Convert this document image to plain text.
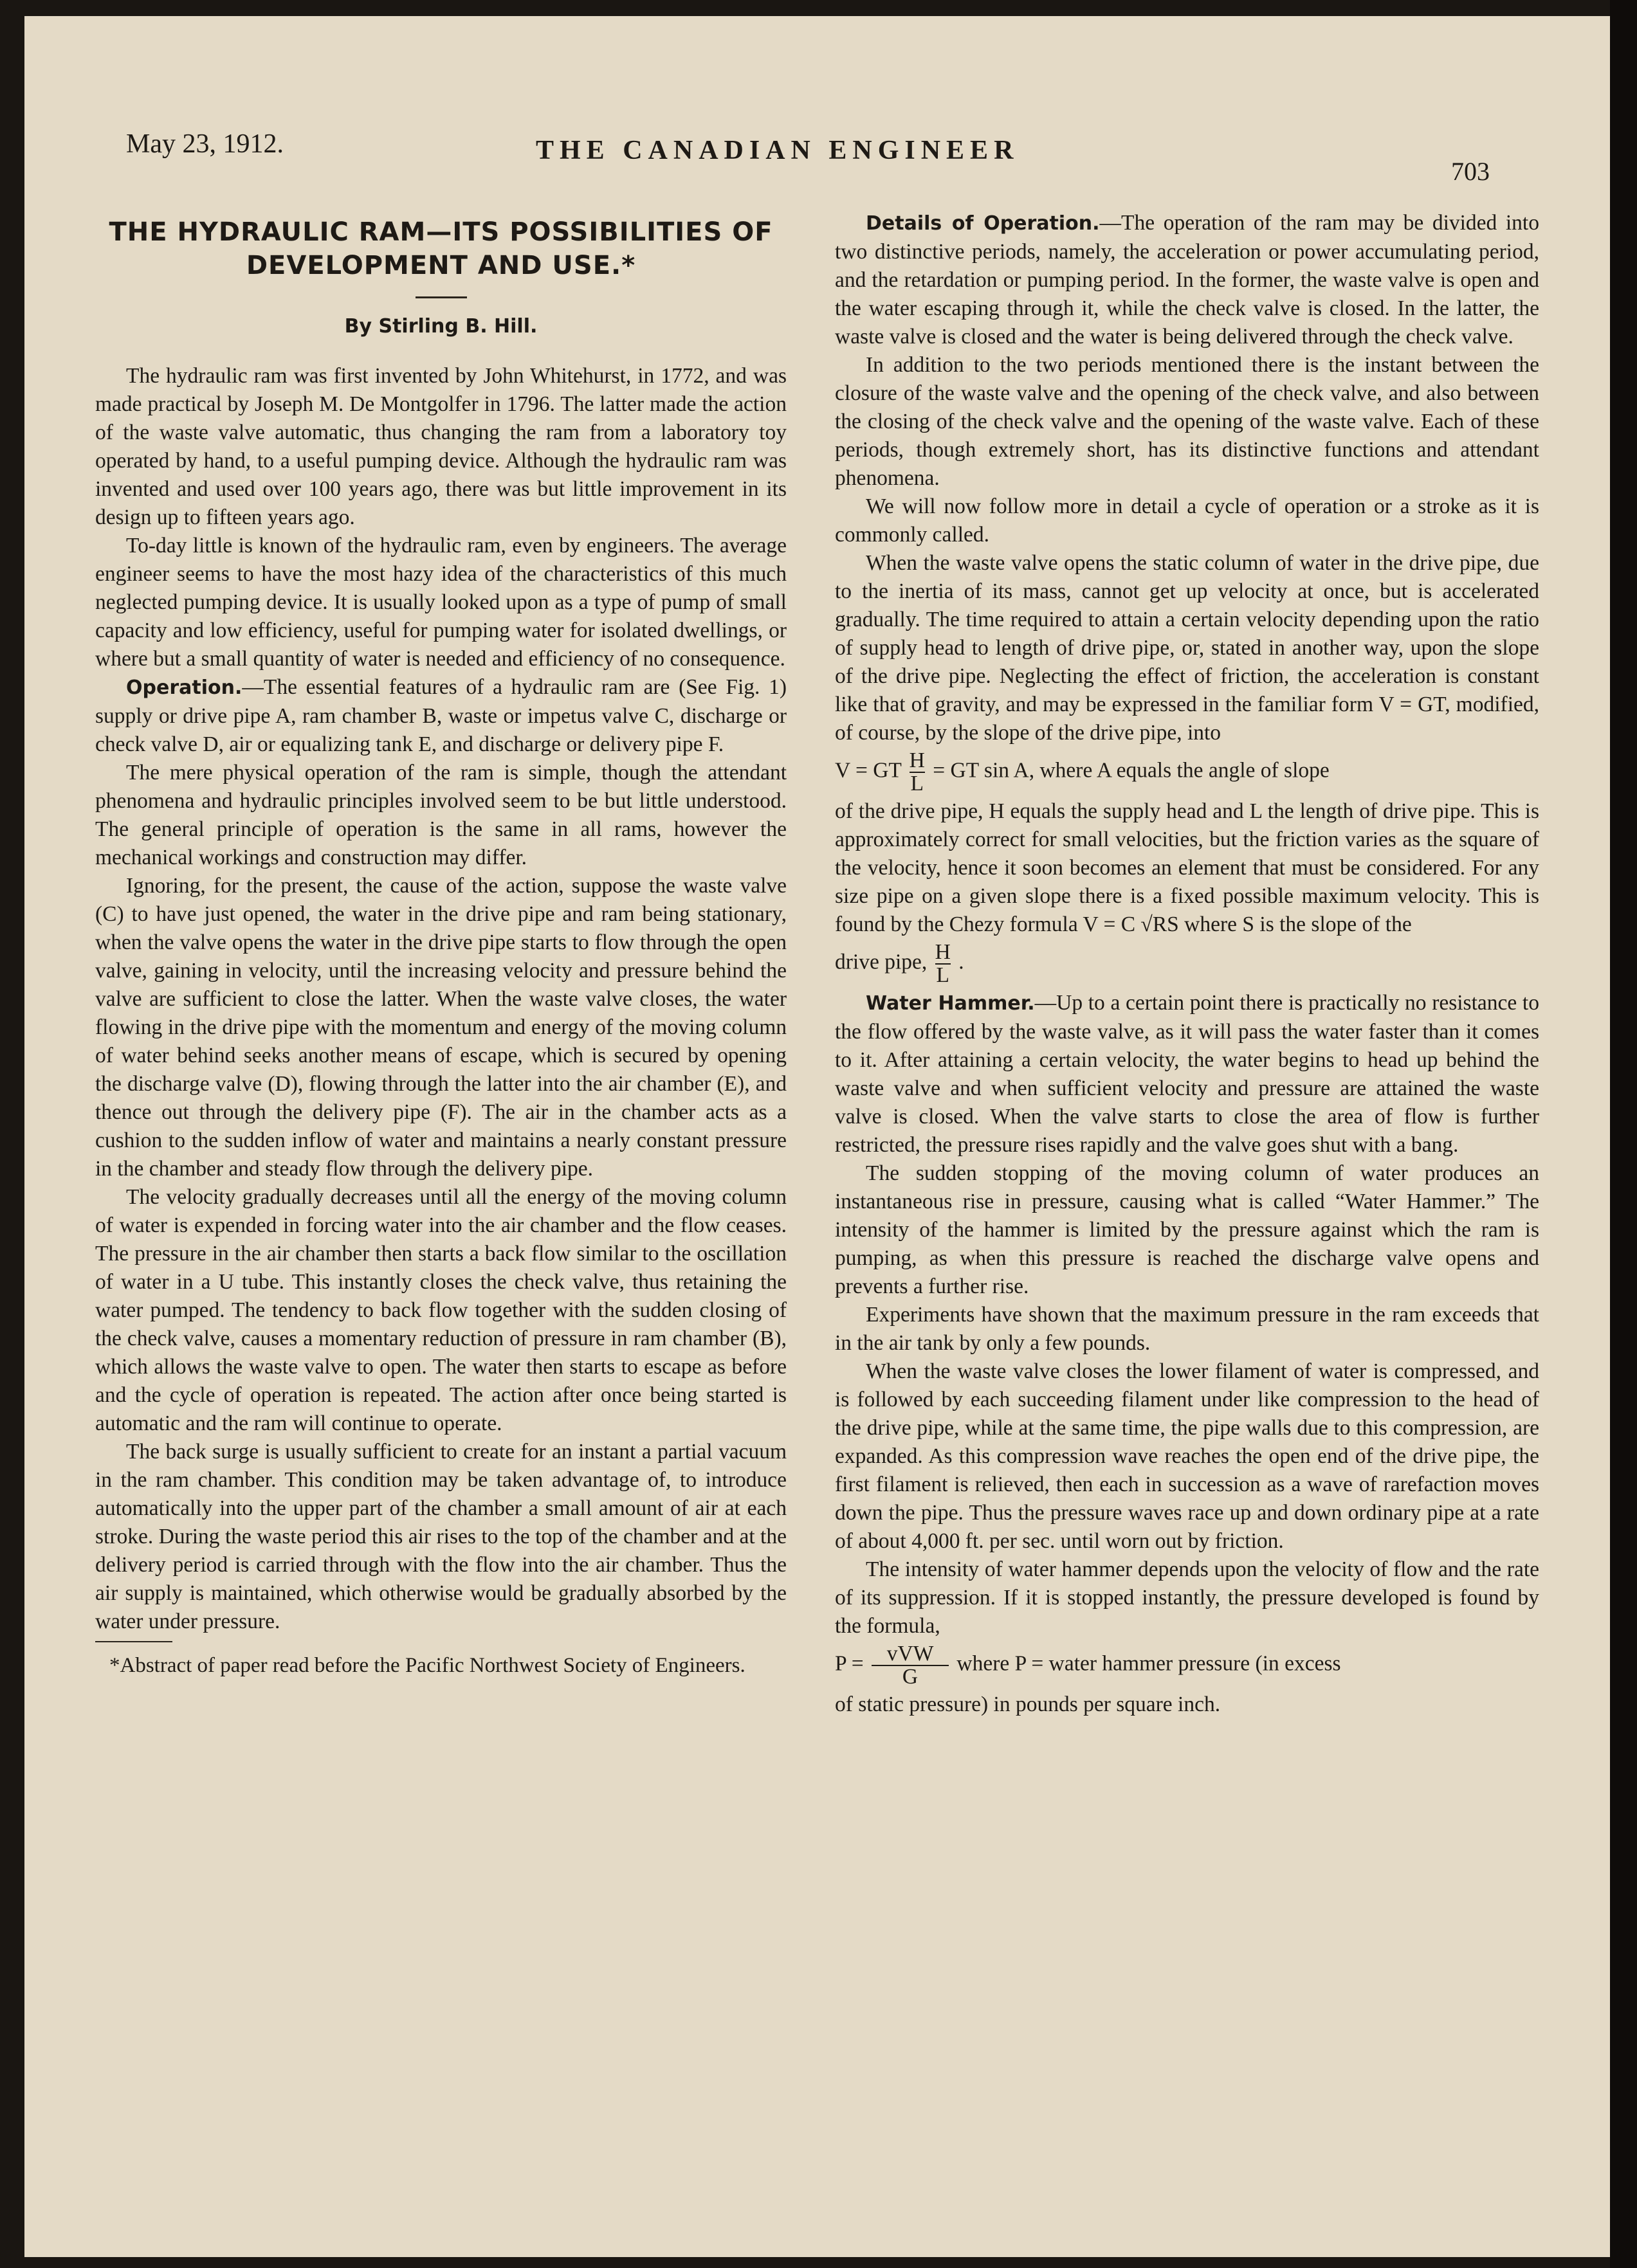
May 23, 1912.	THE CANADIAN ENGINEER
703
THE HYDRAULIC RAM—ITS POSSIBILITIES OF
DEVELOPMENT AND USE.*
By Stirling B. Hill.

The hydraulic ram was first invented by John Whitehurst, in 1772, and was made practical by Joseph M. De Montgolfer in 1796. The latter made the action of the waste valve automatic, thus changing the ram from a laboratory toy operated by hand, to a useful pumping device. Although the hydraulic ram was invented and used over 100 years ago, there was but little improvement in its design up to fifteen years ago.

To-day little is known of the hydraulic ram, even by engineers. The average engineer seems to have the most hazy idea of the characteristics of this much neglected pumping device. It is usually looked upon as a type of pump of small capacity and low efficiency, useful for pumping water for isolated dwellings, or where but a small quantity of water is needed and efficiency of no consequence.

Operation.—The essential features of a hydraulic ram are (See Fig. 1) supply or drive pipe A, ram chamber B, waste or impetus valve C, discharge or check valve D, air or equalizing tank E, and discharge or delivery pipe F.

The mere physical operation of the ram is simple, though the attendant phenomena and hydraulic principles involved seem to be but little understood. The general principle of operation is the same in all rams, however the mechanical workings and construction may differ.

Ignoring, for the present, the cause of the action, suppose the waste valve (C) to have just opened, the water in the drive pipe and ram being stationary, when the valve opens the water in the drive pipe starts to flow through the open valve, gaining in velocity, until the increasing velocity and pressure behind the valve are sufficient to close the latter. When the waste valve closes, the water flowing in the drive pipe with the momentum and energy of the moving column of water behind seeks another means of escape, which is secured by opening the discharge valve (D), flowing through the latter into the air chamber (E), and thence out through the delivery pipe (F). The air in the chamber acts as a cushion to the sudden inflow of water and maintains a nearly constant pressure in the chamber and steady flow through the delivery pipe.

The velocity gradually decreases until all the energy of the moving column of water is expended in forcing water into the air chamber and the flow ceases. The pressure in the air chamber then starts a back flow similar to the oscillation of water in a U tube. This instantly closes the check valve, thus retaining the water pumped. The tendency to back flow together with the sudden closing of the check valve, causes a momentary reduction of pressure in ram chamber (B), which allows the waste valve to open. The water then starts to escape as before and the cycle of operation is repeated. The action after once being started is automatic and the ram will continue to operate.

The back surge is usually sufficient to create for an instant a partial vacuum in the ram chamber. This condition may be taken advantage of, to introduce automatically into the upper part of the chamber a small amount of air at each stroke. During the waste period this air rises to the top of the chamber and at the delivery period is carried through with the flow into the air chamber. Thus the air supply is maintained, which otherwise would be gradually absorbed by the water under pressure.

*Abstract of paper read before the Pacific Northwest Society of Engineers.

Details of Operation.—The operation of the ram may be divided into two distinctive periods, namely, the acceleration or power accumulating period, and the retardation or pumping period. In the former, the waste valve is open and the water escaping through it, while the check valve is closed. In the latter, the waste valve is closed and the water is being delivered through the check valve.

In addition to the two periods mentioned there is the instant between the closure of the waste valve and the opening of the check valve, and also between the closing of the check valve and the opening of the waste valve. Each of these periods, though extremely short, has its distinctive functions and attendant phenomena.

We will now follow more in detail a cycle of operation or a stroke as it is commonly called.

When the waste valve opens the static column of water in the drive pipe, due to the inertia of its mass, cannot get up velocity at once, but is accelerated gradually. The time required to attain a certain velocity depending upon the ratio of supply head to length of drive pipe, or, stated in another way, upon the slope of the drive pipe. Neglecting the effect of friction, the acceleration is constant like that of gravity, and may be expressed in the familiar form V = GT, modified, of course, by the slope of the drive pipe, into

V = GT $\frac{H}{L}$ = GT sin A, where A equals the angle of slope

of the drive pipe, H equals the supply head and L the length of drive pipe. This is approximately correct for small velocities, but the friction varies as the square of the velocity, hence it soon becomes an element that must be considered. For any size pipe on a given slope there is a fixed possible maximum velocity. This is found by the Chezy formula V = C √RS where S is the slope of the

drive pipe, $\frac{H}{L}$ .

Water Hammer.—Up to a certain point there is practically no resistance to the flow offered by the waste valve, as it will pass the water faster than it comes to it. After attaining a certain velocity, the water begins to head up behind the waste valve and when sufficient velocity and pressure are attained the waste valve is closed. When the valve starts to close the area of flow is further restricted, the pressure rises rapidly and the valve goes shut with a bang.

The sudden stopping of the moving column of water produces an instantaneous rise in pressure, causing what is called “Water Hammer.” The intensity of the hammer is limited by the pressure against which the ram is pumping, as when this pressure is reached the discharge valve opens and prevents a further rise.

Experiments have shown that the maximum pressure in the ram exceeds that in the air tank by only a few pounds.

When the waste valve closes the lower filament of water is compressed, and is followed by each succeeding filament under like compression to the head of the drive pipe, while at the same time, the pipe walls due to this compression, are expanded. As this compression wave reaches the open end of the drive pipe, the first filament is relieved, then each in succession as a wave of rarefaction moves down the pipe. Thus the pressure waves race up and down ordinary pipe at a rate of about 4,000 ft. per sec. until worn out by friction.

The intensity of water hammer depends upon the velocity of flow and the rate of its suppression. If it is stopped instantly, the pressure developed is found by the formula,

$P = \frac{\text{vVW}}{G}$ where P = water hammer pressure (in excess

of static pressure) in pounds per square inch.
